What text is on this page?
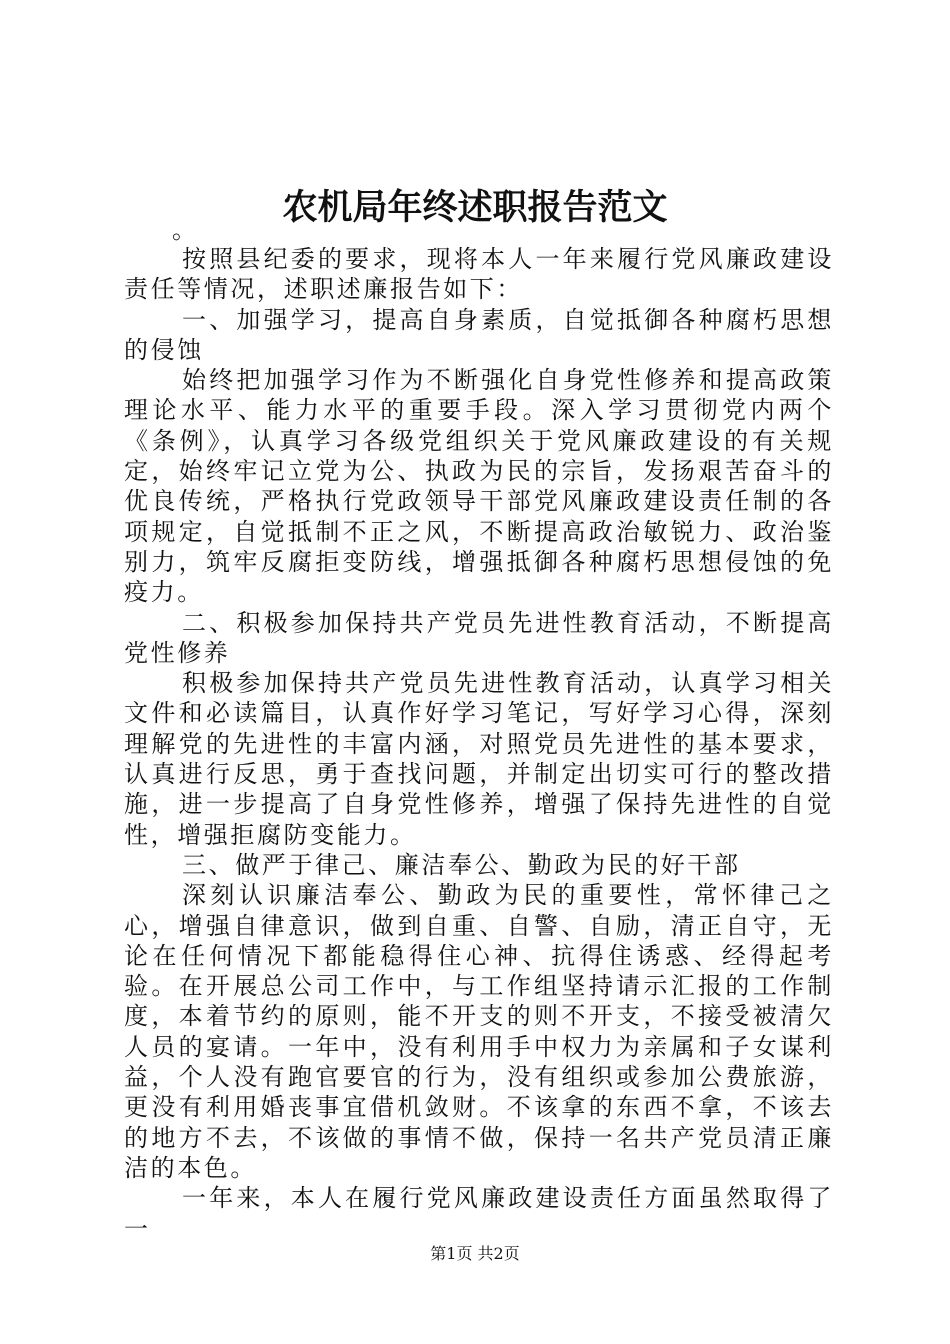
农机局年终述职报告范文

。

按照县纪委的要求，现将本人一年来履行党风廉政建设责任等情况，述职述廉报告如下：

一、加强学习，提高自身素质，自觉抵御各种腐朽思想的侵蚀

始终把加强学习作为不断强化自身党性修养和提高政策理论水平、能力水平的重要手段。深入学习贯彻党内两个《条例》，认真学习各级党组织关于党风廉政建设的有关规定，始终牢记立党为公、执政为民的宗旨，发扬艰苦奋斗的优良传统，严格执行党政领导干部党风廉政建设责任制的各项规定，自觉抵制不正之风，不断提高政治敏锐力、政治鉴别力，筑牢反腐拒变防线，增强抵御各种腐朽思想侵蚀的免疫力。

二、积极参加保持共产党员先进性教育活动，不断提高党性修养

积极参加保持共产党员先进性教育活动，认真学习相关文件和必读篇目，认真作好学习笔记，写好学习心得，深刻理解党的先进性的丰富内涵，对照党员先进性的基本要求，认真进行反思，勇于查找问题，并制定出切实可行的整改措施，进一步提高了自身党性修养，增强了保持先进性的自觉性，增强拒腐防变能力。

三、做严于律己、廉洁奉公、勤政为民的好干部

深刻认识廉洁奉公、勤政为民的重要性，常怀律己之心，增强自律意识，做到自重、自警、自励，清正自守，无论在任何情况下都能稳得住心神、抗得住诱惑、经得起考验。在开展总公司工作中，与工作组坚持请示汇报的工作制度，本着节约的原则，能不开支的则不开支，不接受被清欠人员的宴请。一年中，没有利用手中权力为亲属和子女谋利益，个人没有跑官要官的行为，没有组织或参加公费旅游，更没有利用婚丧事宜借机敛财。不该拿的东西不拿，不该去的地方不去，不该做的事情不做，保持一名共产党员清正廉洁的本色。

一年来，本人在履行党风廉政建设责任方面虽然取得了一

第1页 共2页
